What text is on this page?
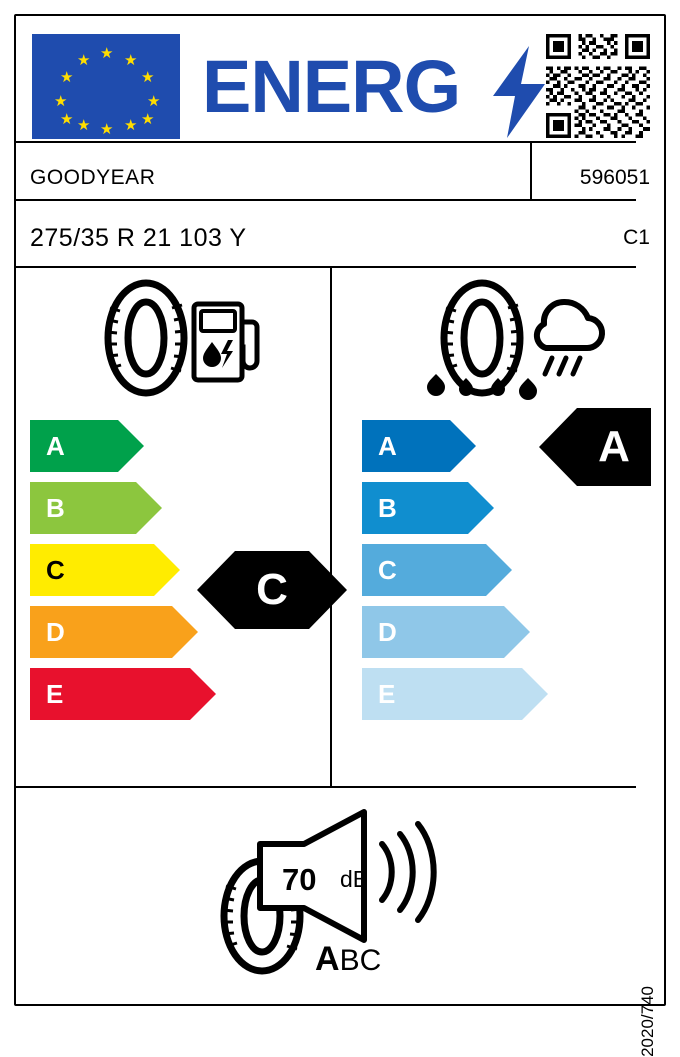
★ ★
★
★
★
★
★
★
★
★
★
★ ENERG
GOODYEAR	596051
275/35 R 21 103 Y	C1
A
B
C
D
E
A
B
C
D
E
C
A
70 dB
ABC
2020/740
